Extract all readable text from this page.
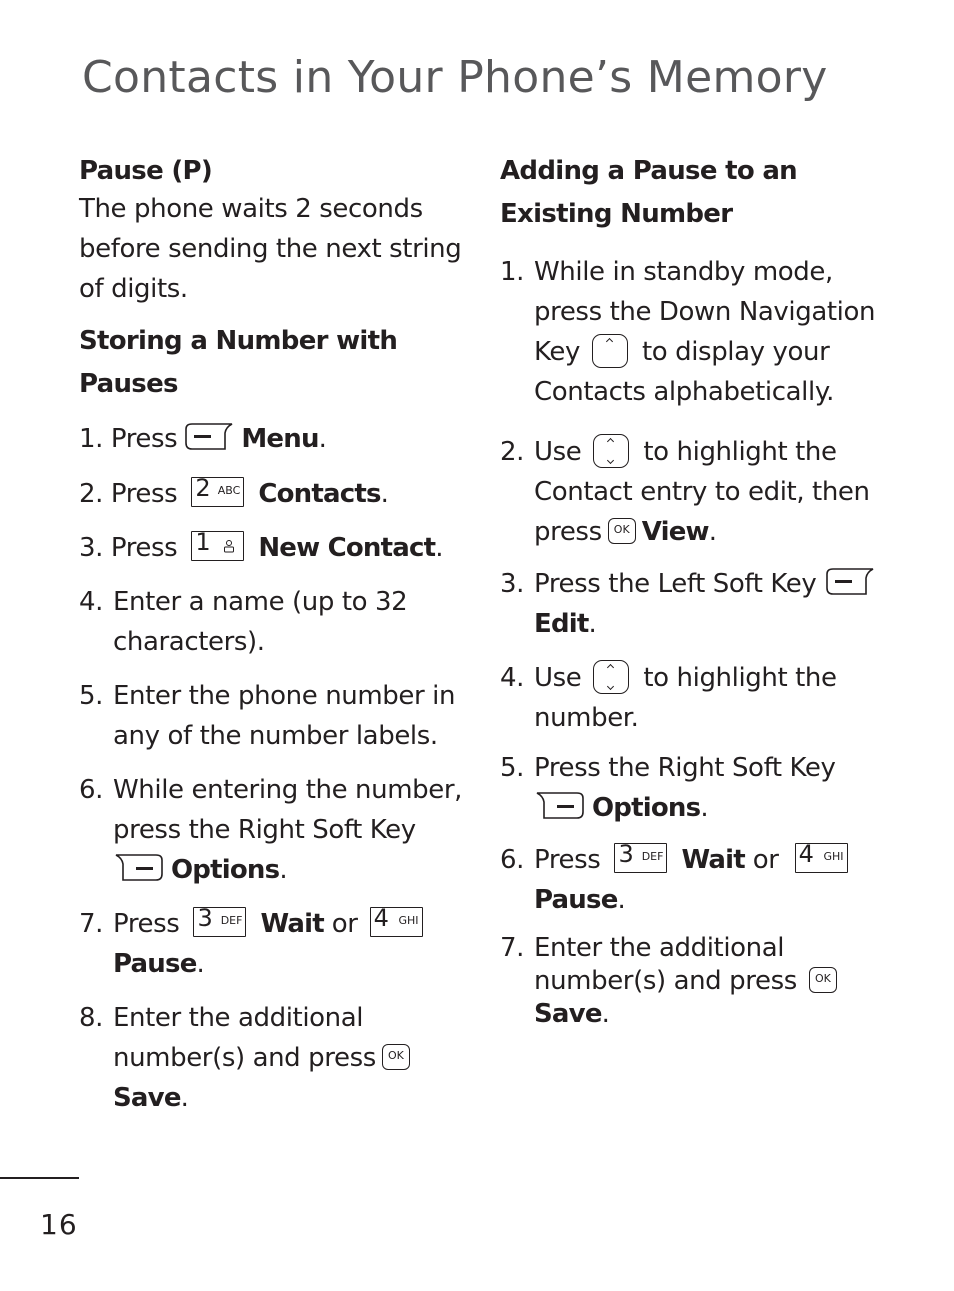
Contacts in Your Phone’s Memory
Pause (P)

The phone waits 2 seconds before sending the next string of digits.

Storing a Number with Pauses
1. Press Menu.
2. Press 2 ABC Contacts.
3. Press 1 New Contact.
4. Enter a name (up to 32 characters).
5. Enter the phone number in any of the number labels.
6. While entering the number, press the Right Soft Key

Options.
7. Press 3 DEF Wait or 4 GHI

Pause.
8. Enter the additional number(s) and press	OK

Save.
Adding a Pause to an Existing Number
1. While in standby mode, press the Down Navigation Key to display your Contacts alphabetically.
2. Use to highlight the Contact entry to edit, then press	OK View.
3. Press the Left Soft Key

Edit.
4. Use to highlight the number.
5. Press the Right Soft Key

Options.
6. Press 3 DEF Wait or 4 GHI

Pause.
7. Enter the additional number(s) and press	OK

Save.
16
